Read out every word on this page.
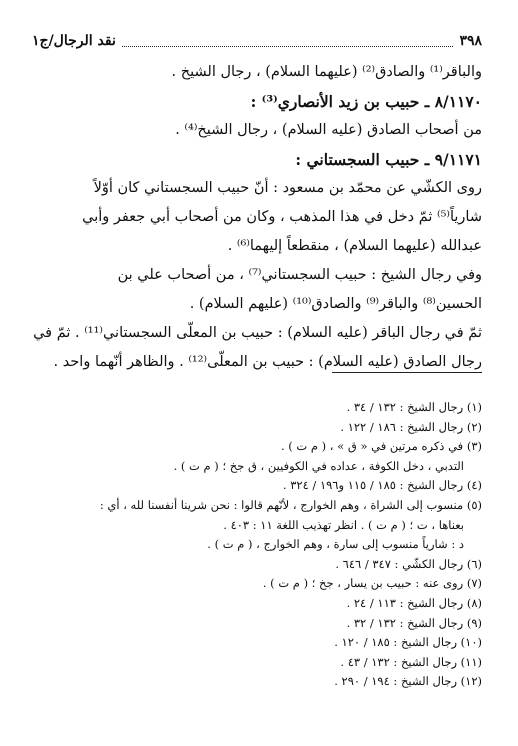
٣٩٨
نقد الرجال/ج١
والباقر⁽¹⁾ والصادق⁽²⁾ (عليهما السلام) ، رجال الشيخ .
٨/١١٧٠ ـ حبيب بن زيد الأنصاري⁽³⁾ :
من أصحاب الصادق (عليه السلام) ، رجال الشيخ⁽⁴⁾ .
٩/١١٧١ ـ حبيب السجستاني :
روى الكشّي عن محمّد بن مسعود : أنّ حبيب السجستاني كان أوّلاً
شارياً⁽⁵⁾ ثمّ دخل في هذا المذهب ، وكان من أصحاب أبي جعفر وأبي
عبدالله (عليهما السلام) ، منقطعاً إليهما⁽⁶⁾ .
وفي رجال الشيخ : حبيب السجستاني⁽⁷⁾ ، من أصحاب علي بن
الحسين⁽⁸⁾ والباقر⁽⁹⁾ والصادق⁽¹⁰⁾ (عليهم السلام) .
ثمّ في رجال الباقر (عليه السلام) : حبيب بن المعلّى السجستاني⁽¹¹⁾ . ثمّ في
رجال الصادق (عليه السلام) : حبيب بن المعلّى⁽¹²⁾ . والظاهر أنّهما واحد .
(١) رجال الشيخ : ١٣٢ / ٣٤ .
(٢) رجال الشيخ : ١٨٦ / ١٢٢ .
(٣) في ذكره مرتين في « ق » ، ( م ت ) .
التدبي ، دخل الكوفة ، عداده في الكوفيين ، ق جخ ؛ ( م ت ) .
(٤) رجال الشيخ : ١٨٥ / ١١٥ و١٩٦ / ٣٢٤ .
(٥) منسوب إلى الشراة ، وهم الخوارج ، لأنّهم قالوا : نحن شرينا أنفسنا لله ، أي :
بعناها ، ت ؛ ( م ت ) . انظر تهذيب اللغة ١١ : ٤٠٣ .
د : شارياً منسوب إلى سارة ، وهم الخوارج ، ( م ت ) .
(٦) رجال الكشّي : ٣٤٧ / ٦٤٦ .
(٧) روى عنه : حبيب بن يسار ، جخ ؛ ( م ت ) .
(٨) رجال الشيخ : ١١٣ / ٢٤ .
(٩) رجال الشيخ : ١٣٢ / ٣٢ .
(١٠) رجال الشيخ : ١٨٥ / ١٢٠ .
(١١) رجال الشيخ : ١٣٢ / ٤٣ .
(١٢) رجال الشيخ : ١٩٤ / ٢٩٠ .
